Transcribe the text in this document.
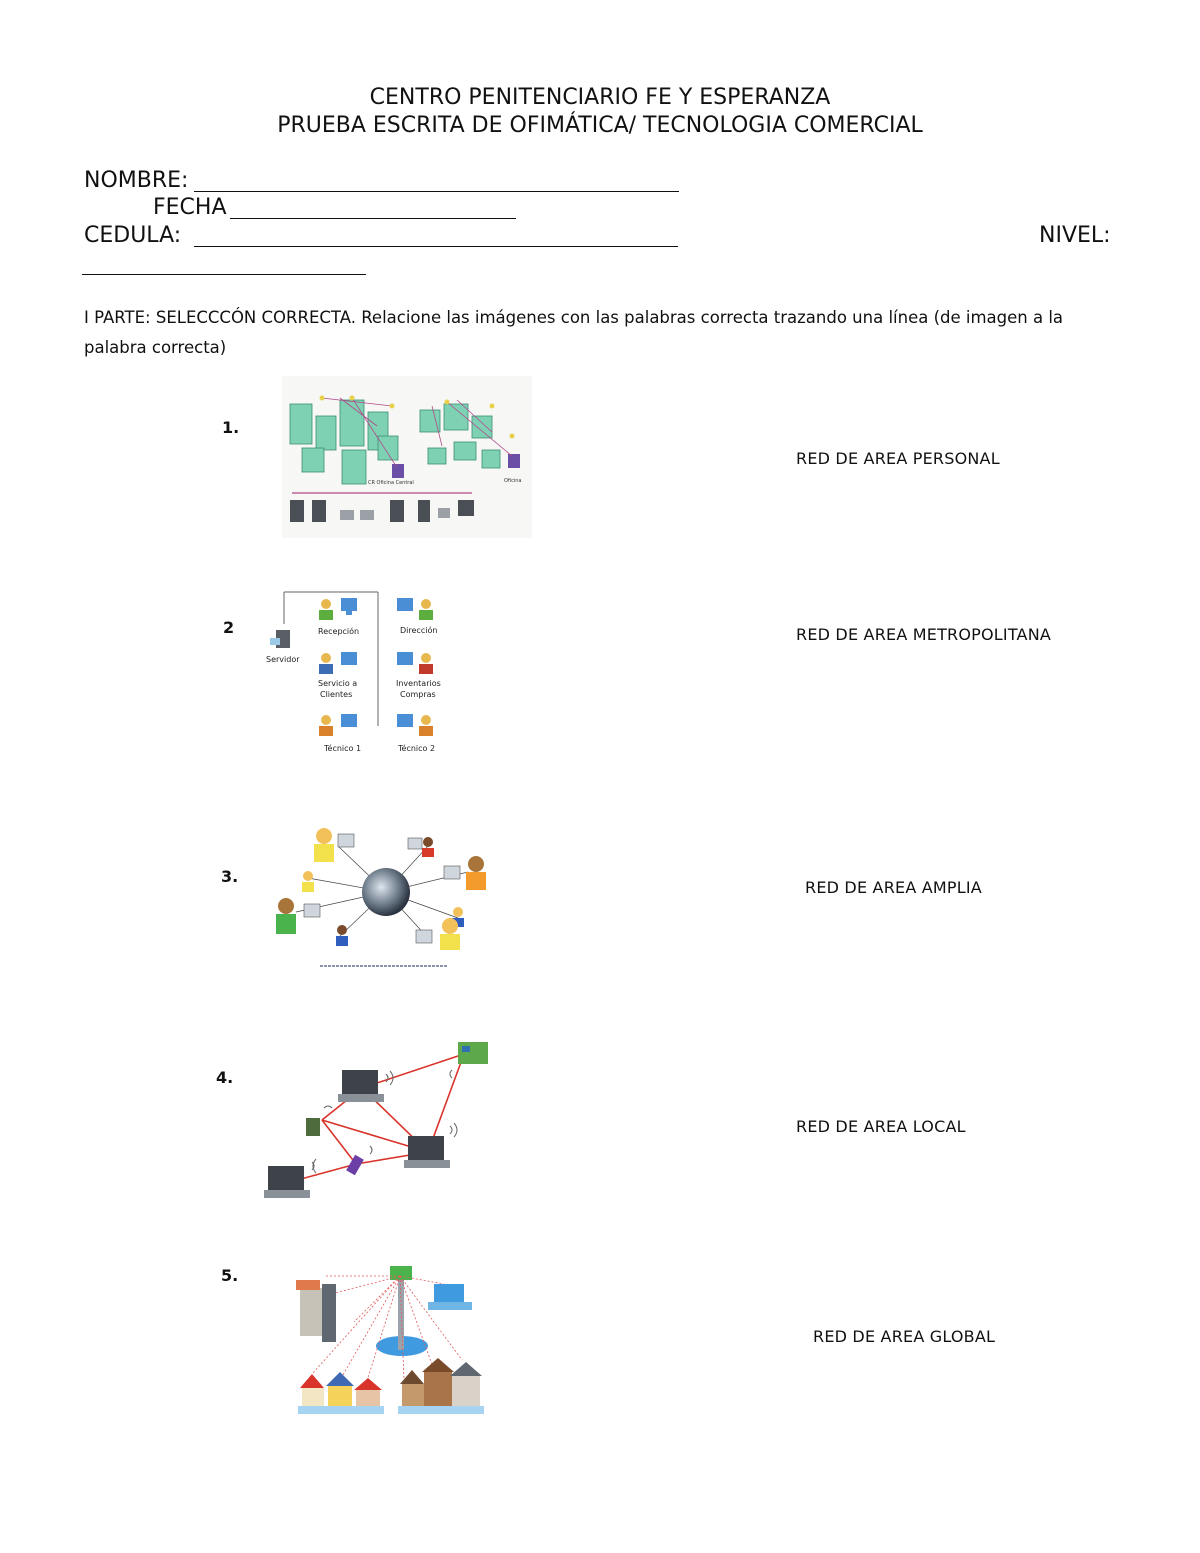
CENTRO PENITENCIARIO FE Y ESPERANZA
PRUEBA ESCRITA DE OFIMÁTICA/ TECNOLOGIA COMERCIAL
NOMBRE:
FECHA
CEDULA:	NIVEL:
I PARTE: SELECCCÓN CORRECTA. Relacione las imágenes con las palabras correcta trazando una línea (de imagen a la palabra correcta)
1.
2
3.
4.
5.
RED DE AREA PERSONAL
RED DE AREA METROPOLITANA
RED DE AREA AMPLIA
RED DE AREA LOCAL
RED DE AREA GLOBAL
CR Oficina Central	Oficina
Servidor
Recepción	Dirección
Servicio a
Clientes
Inventarios
Compras
Técnico 1	Técnico 2
